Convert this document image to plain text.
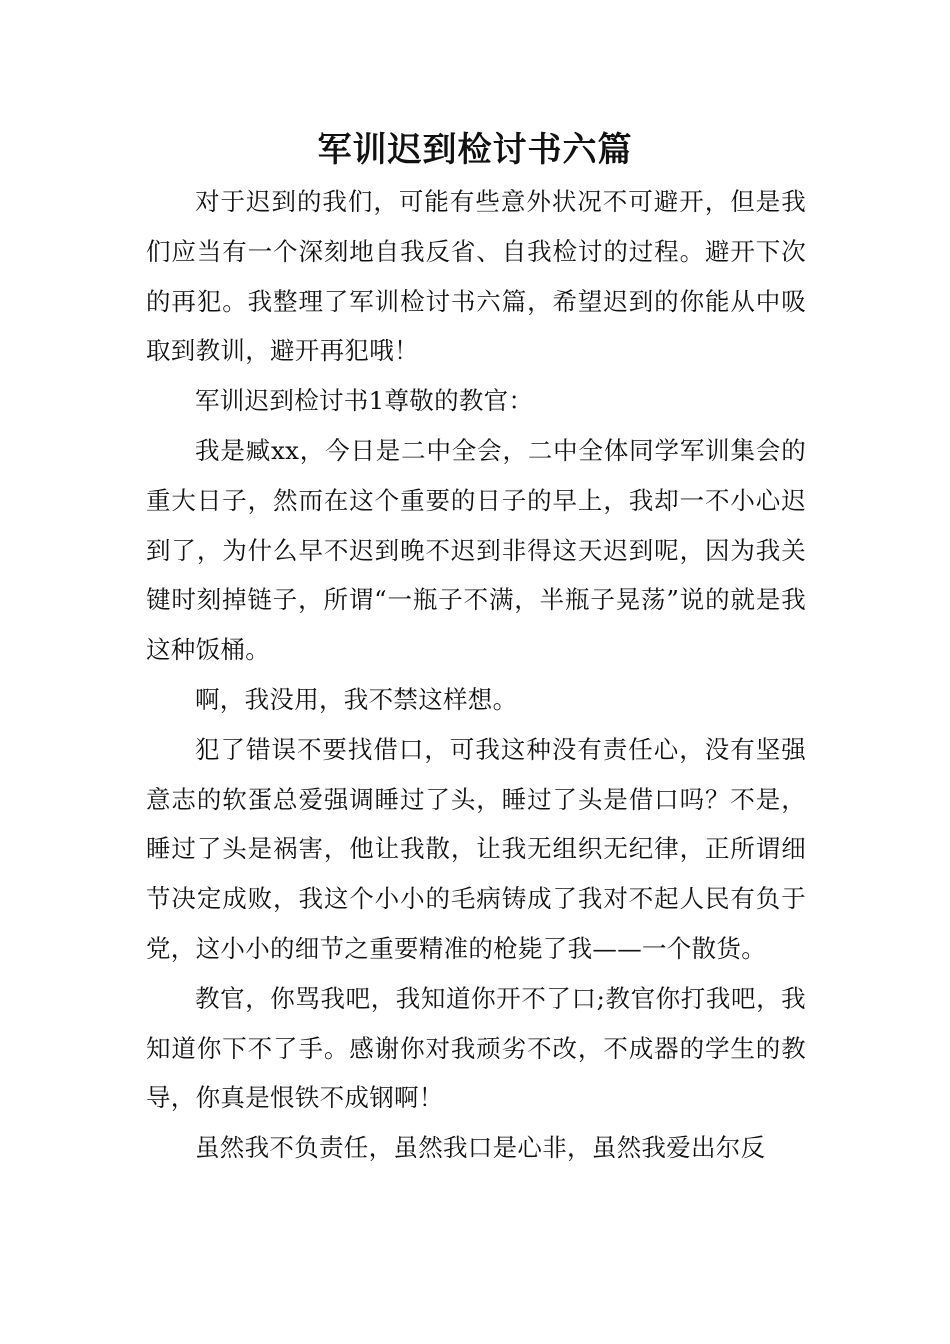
军训迟到检讨书六篇

对于迟到的我们，可能有些意外状况不可避开，但是我们应当有一个深刻地自我反省、自我检讨的过程。避开下次的再犯。我整理了军训检讨书六篇，希望迟到的你能从中吸取到教训，避开再犯哦！

军训迟到检讨书1尊敬的教官：

我是臧xx，今日是二中全会，二中全体同学军训集会的重大日子，然而在这个重要的日子的早上，我却一不小心迟到了，为什么早不迟到晚不迟到非得这天迟到呢，因为我关键时刻掉链子，所谓“一瓶子不满，半瓶子晃荡”说的就是我这种饭桶。

啊，我没用，我不禁这样想。

犯了错误不要找借口，可我这种没有责任心，没有坚强意志的软蛋总爱强调睡过了头，睡过了头是借口吗？不是，睡过了头是祸害，他让我散，让我无组织无纪律，正所谓细节决定成败，我这个小小的毛病铸成了我对不起人民有负于党，这小小的细节之重要精准的枪毙了我——一个散货。

教官，你骂我吧，我知道你开不了口;教官你打我吧，我知道你下不了手。感谢你对我顽劣不改，不成器的学生的教导，你真是恨铁不成钢啊！

虽然我不负责任，虽然我口是心非，虽然我爱出尔反
